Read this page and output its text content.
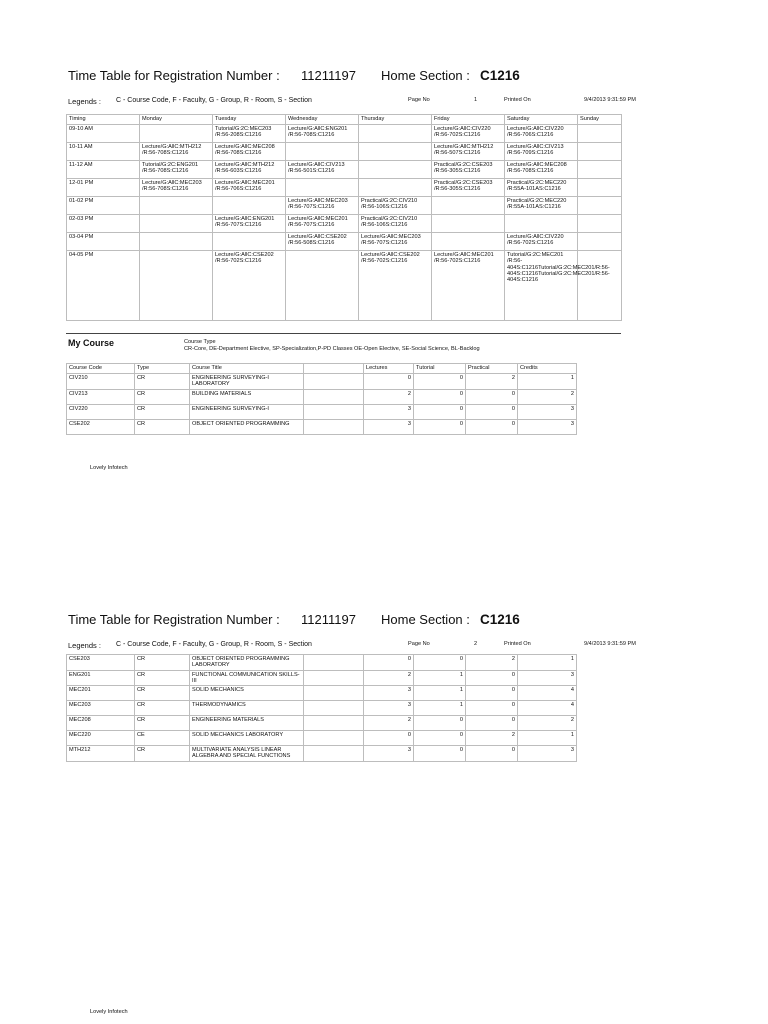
Time Table for Registration Number : 11211197 Home Section : C1216
Legends : C - Course Code, F - Faculty, G - Group, R - Room, S - Section	Page No	1	Printed On	9/4/2013 9:31:59 PM
Timing	Monday	Tuesday	Wednesday	Thursday	Friday	Saturday	Sunday
09-10 AM		Tutorial/G:2C:MEC203 /R:56-208S:C1216	Lecture/G:AllC:ENG201 /R:56-708S:C1216		Lecture/G:AllC:CIV220 /R:56-702S:C1216	Lecture/G:AllC:CIV220 /R:56-706S:C1216	
10-11 AM	Lecture/G:AllC:MTH212 /R:56-708S:C1216	Lecture/G:AllC:MEC208 /R:56-708S:C1216			Lecture/G:AllC:MTH212 /R:56-507S:C1216	Lecture/G:AllC:CIV213 /R:56-709S:C1216	
11-12 AM	Tutorial/G:2C:ENG201 /R:56-708S:C1216	Lecture/G:AllC:MTH212 /R:56-603S:C1216	Lecture/G:AllC:CIV213 /R:56-501S:C1216		Practical/G:2C:CSE203 /R:56-305S:C1216	Lecture/G:AllC:MEC208 /R:56-708S:C1216	
12-01 PM	Lecture/G:AllC:MEC203 /R:56-708S:C1216	Lecture/G:AllC:MEC201 /R:56-706S:C1216			Practical/G:2C:CSE203 /R:56-305S:C1216	Practical/G:2C:MEC220 /R:55A-101AS:C1216	
01-02 PM			Lecture/G:AllC:MEC203 /R:56-707S:C1216	Practical/G:2C:CIV210 /R:56-106S:C1216		Practical/G:2C:MEC220 /R:55A-101AS:C1216	
02-03 PM		Lecture/G:AllC:ENG201 /R:56-707S:C1216	Lecture/G:AllC:MEC201 /R:56-707S:C1216	Practical/G:2C:CIV210 /R:56-106S:C1216			
03-04 PM			Lecture/G:AllC:CSE202 /R:56-508S:C1216	Lecture/G:AllC:MEC203 /R:56-707S:C1216		Lecture/G:AllC:CIV220 /R:56-702S:C1216	
04-05 PM		Lecture/G:AllC:CSE202 /R:56-702S:C1216		Lecture/G:AllC:CSE202 /R:56-702S:C1216	Lecture/G:AllC:MEC201 /R:56-702S:C1216	Tutorial/G:2C:MEC201 /R:56-404S:C1216Tutorial/G:2C:MEC201/R:56-404S:C1216Tutorial/G:2C:MEC201/R:56-404S:C1216	
My Course	Course Type
CR-Core, DE-Department Elective, SP-Specialization,P-PD Classes OE-Open Elective, SE-Social Science, BL-Backlog
Course Code	Type	Course Title		Lectures	Tutorial	Practical	Credits
CIV210	CR	ENGINEERING SURVEYING-I LABORATORY		0	0	2	1
CIV213	CR	BUILDING MATERIALS		2	0	0	2
CIV220	CR	ENGINEERING SURVEYING-I		3	0	0	3
CSE202	CR	OBJECT ORIENTED PROGRAMMING		3	0	0	3
Lovely Infotech
Time Table for Registration Number : 11211197 Home Section : C1216
Legends : C - Course Code, F - Faculty, G - Group, R - Room, S - Section	Page No	2	Printed On	9/4/2013 9:31:59 PM
CSE203	CR	OBJECT ORIENTED PROGRAMMING LABORATORY		0	0	2	1
ENG201	CR	FUNCTIONAL COMMUNICATION SKILLS-III		2	1	0	3
MEC201	CR	SOLID MECHANICS		3	1	0	4
MEC203	CR	THERMODYNAMICS		3	1	0	4
MEC208	CR	ENGINEERING MATERIALS		2	0	0	2
MEC220	CE	SOLID MECHANICS LABORATORY		0	0	2	1
MTH212	CR	MULTIVARIATE ANALYSIS LINEAR ALGEBRA AND SPECIAL FUNCTIONS		3	0	0	3
Lovely Infotech
